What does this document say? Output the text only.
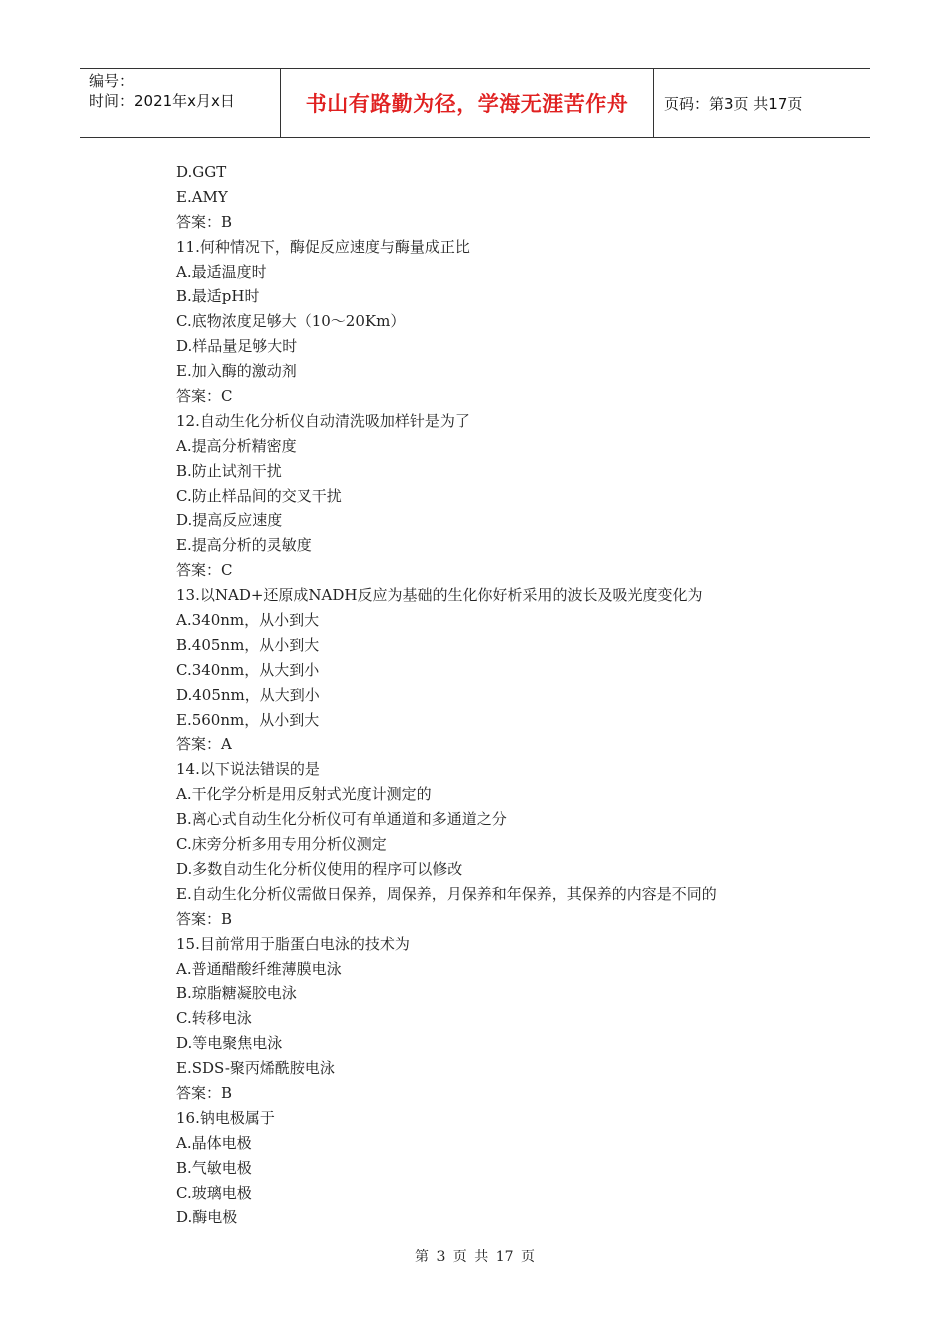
编号：
时间：2021年x月x日	书山有路勤为径，学海无涯苦作舟	页码：第3页 共17页
D.GGT
E.AMY
答案：B
11.何种情况下，酶促反应速度与酶量成正比
A.最适温度时
B.最适pH时
C.底物浓度足够大（10～20Km）
D.样品量足够大时
E.加入酶的激动剂
答案：C
12.自动生化分析仪自动清洗吸加样针是为了
A.提高分析精密度
B.防止试剂干扰
C.防止样品间的交叉干扰
D.提高反应速度
E.提高分析的灵敏度
答案：C
13.以NAD+还原成NADH反应为基础的生化你好析采用的波长及吸光度变化为
A.340nm，从小到大
B.405nm，从小到大
C.340nm，从大到小
D.405nm，从大到小
E.560nm，从小到大
答案：A
14.以下说法错误的是
A.干化学分析是用反射式光度计测定的
B.离心式自动生化分析仪可有单通道和多通道之分
C.床旁分析多用专用分析仪测定
D.多数自动生化分析仪使用的程序可以修改
E.自动生化分析仪需做日保养，周保养，月保养和年保养，其保养的内容是不同的
答案：B
15.目前常用于脂蛋白电泳的技术为
A.普通醋酸纤维薄膜电泳
B.琼脂糖凝胶电泳
C.转移电泳
D.等电聚焦电泳
E.SDS-聚丙烯酰胺电泳
答案：B
16.钠电极属于
A.晶体电极
B.气敏电极
C.玻璃电极
D.酶电极
第 3 页 共 17 页
